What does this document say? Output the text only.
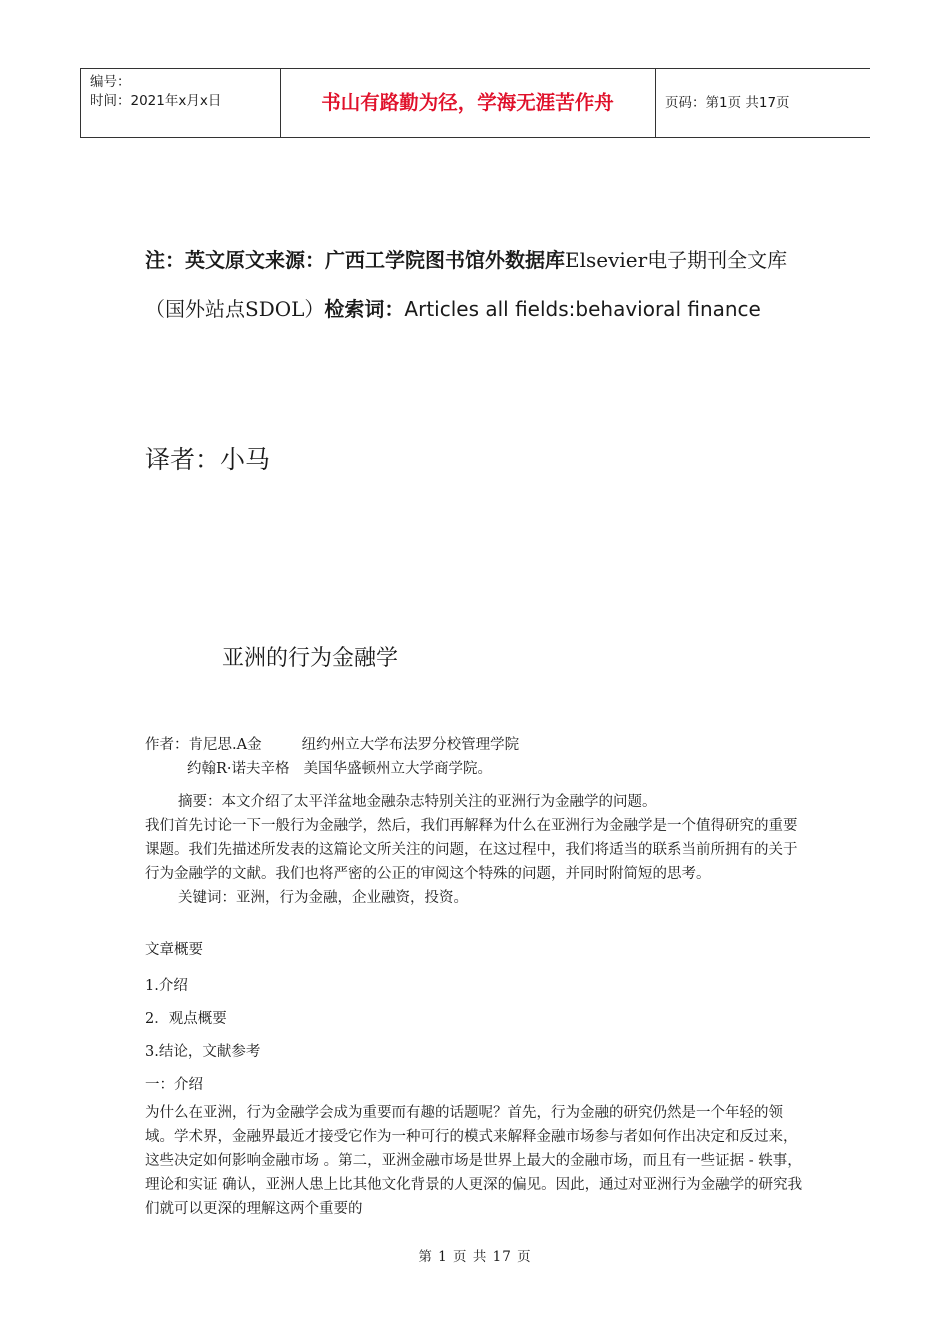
编号：
时间：2021年x月x日	书山有路勤为径，学海无涯苦作舟	页码：第1页 共17页
注：英文原文来源：广西工学院图书馆外数据库Elsevier电子期刊全文库（国外站点SDOL）检索词：Articles all fields:behavioral finance
译者：小马
亚洲的行为金融学
作者：肯尼思.A金	纽约州立大学布法罗分校管理学院
约翰R·诺夫辛格 美国华盛顿州立大学商学院。

摘要：本文介绍了太平洋盆地金融杂志特别关注的亚洲行为金融学的问题。

我们首先讨论一下一般行为金融学，然后，我们再解释为什么在亚洲行为金融学是一个值得研究的重要课题。我们先描述所发表的这篇论文所关注的问题，在这过程中，我们将适当的联系当前所拥有的关于行为金融学的文献。我们也将严密的公正的审阅这个特殊的问题，并同时附简短的思考。

关键词：亚洲，行为金融，企业融资，投资。

文章概要
1.介绍
2．观点概要
3.结论，文献参考
一：介绍

为什么在亚洲，行为金融学会成为重要而有趣的话题呢？首先，行为金融的研究仍然是一个年轻的领域。学术界，金融界最近才接受它作为一种可行的模式来解释金融市场参与者如何作出决定和反过来，这些决定如何影响金融市场 。第二，亚洲金融市场是世界上最大的金融市场，而且有一些证据 - 轶事，理论和实证 确认，亚洲人患上比其他文化背景的人更深的偏见。因此，通过对亚洲行为金融学的研究我们就可以更深的理解这两个重要的

第 1 页 共 17 页
